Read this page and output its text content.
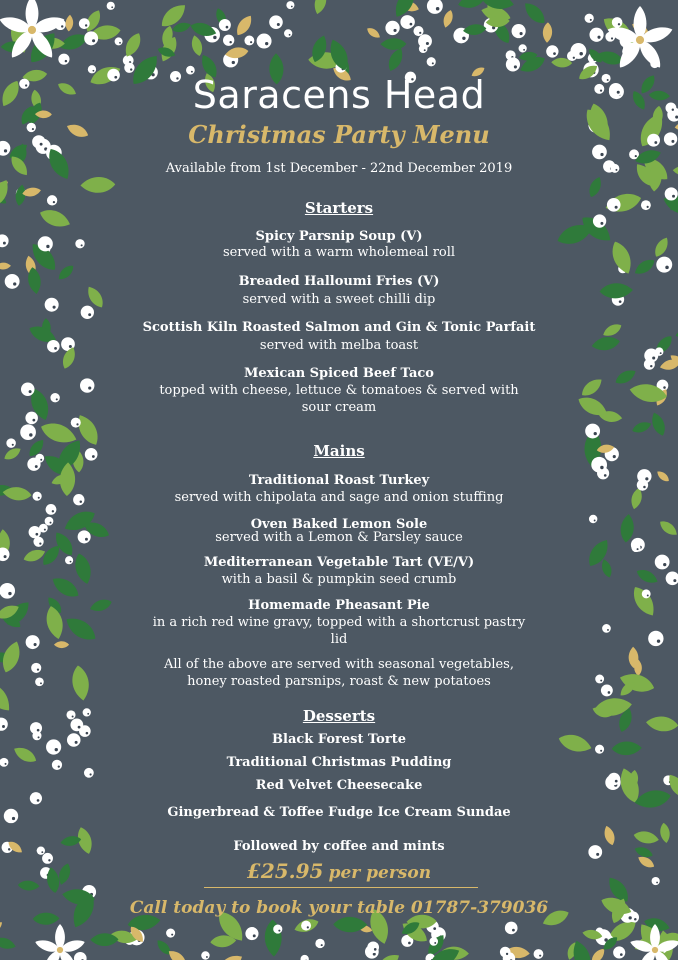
Saracens Head
Christmas Party Menu
Available from 1st December - 22nd December 2019
Starters
Spicy Parsnip Soup (V)
served with a warm wholemeal roll
Breaded Halloumi Fries (V)
served with a sweet chilli dip
Scottish Kiln Roasted Salmon and Gin & Tonic Parfait
served with melba toast
Mexican Spiced Beef Taco
topped with cheese, lettuce & tomatoes & served with
sour cream
Mains
Traditional Roast Turkey
served with chipolata and sage and onion stuffing
Oven Baked Lemon Sole
served with a Lemon & Parsley sauce
Mediterranean Vegetable Tart (VE/V)
with a basil & pumpkin seed crumb
Homemade Pheasant Pie
in a rich red wine gravy, topped with a shortcrust pastry
lid
All of the above are served with seasonal vegetables,
honey roasted parsnips, roast & new potatoes
Desserts
Black Forest Torte
Traditional Christmas Pudding
Red Velvet Cheesecake
Gingerbread & Toffee Fudge Ice Cream Sundae
Followed by coffee and mints
£25.95 per person
Call today to book your table 01787-379036
